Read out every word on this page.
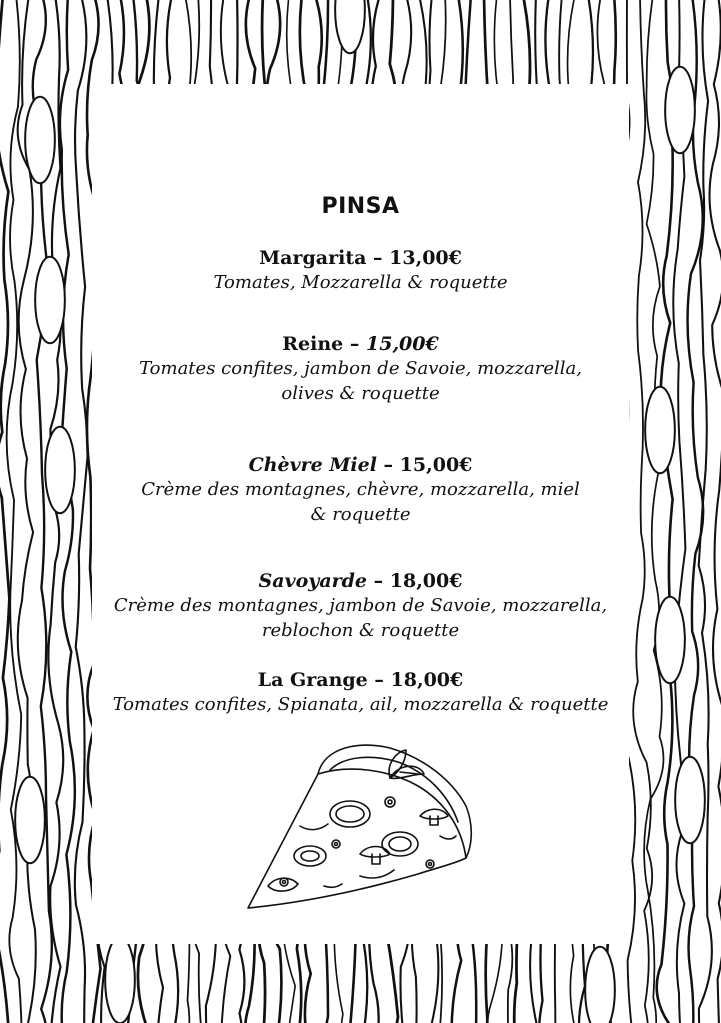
PINSA
Margarita – 13,00€
Tomates, Mozzarella & roquette
Reine – 15,00€
Tomates confites, jambon de Savoie, mozzarella,
olives & roquette
Chèvre Miel – 15,00€
Crème des montagnes, chèvre, mozzarella, miel
& roquette
Savoyarde – 18,00€
Crème des montagnes, jambon de Savoie, mozzarella,
reblochon & roquette
La Grange – 18,00€
Tomates confites, Spianata, ail, mozzarella & roquette
